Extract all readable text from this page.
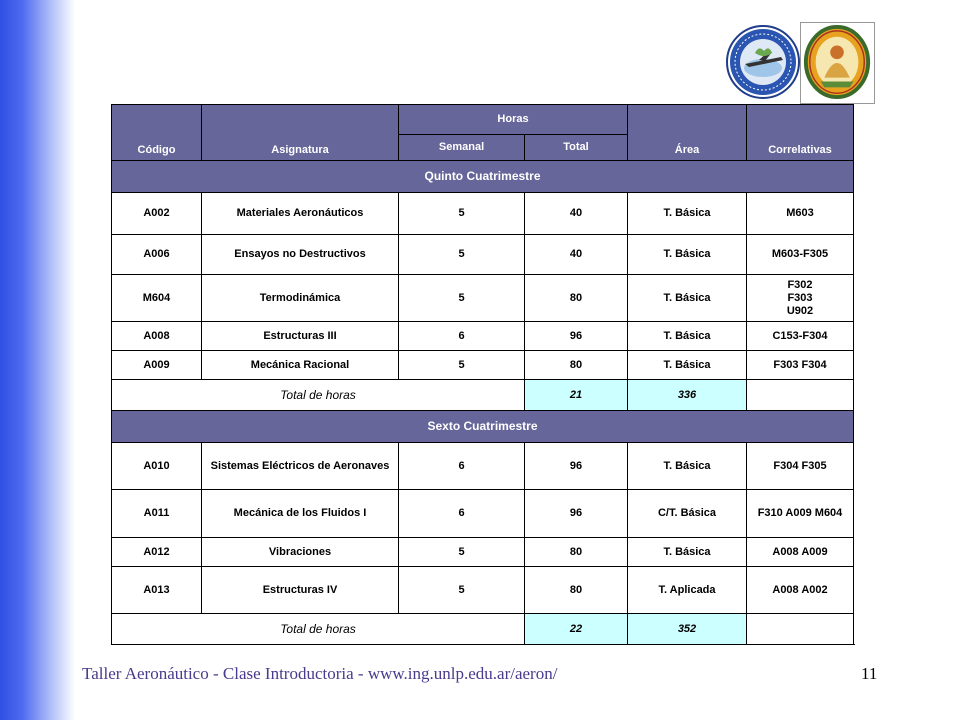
Código	Asignatura	Horas		Área	Correlativas
		Semanal	Total		
Quinto Cuatrimestre					
A002	Materiales Aeronáuticos	5	40	T. Básica	M603
A006	Ensayos no Destructivos	5	40	T. Básica	M603-F305
M604	Termodinámica	5	80	T. Básica	F302 F303 U902
A008	Estructuras III	6	96	T. Básica	C153-F304
A009	Mecánica Racional	5	80	T. Básica	F303 F304
Total de horas			21	336	
Sexto Cuatrimestre					
A010	Sistemas Eléctricos de Aeronaves	6	96	T. Básica	F304 F305
A011	Mecánica de los Fluidos I	6	96	C/T. Básica	F310 A009 M604
A012	Vibraciones	5	80	T. Básica	A008 A009
A013	Estructuras IV	5	80	T. Aplicada	A008 A002
Total de horas			22	352	
Taller Aeronáutico - Clase Introductoria - www.ing.unlp.edu.ar/aeron/	11
